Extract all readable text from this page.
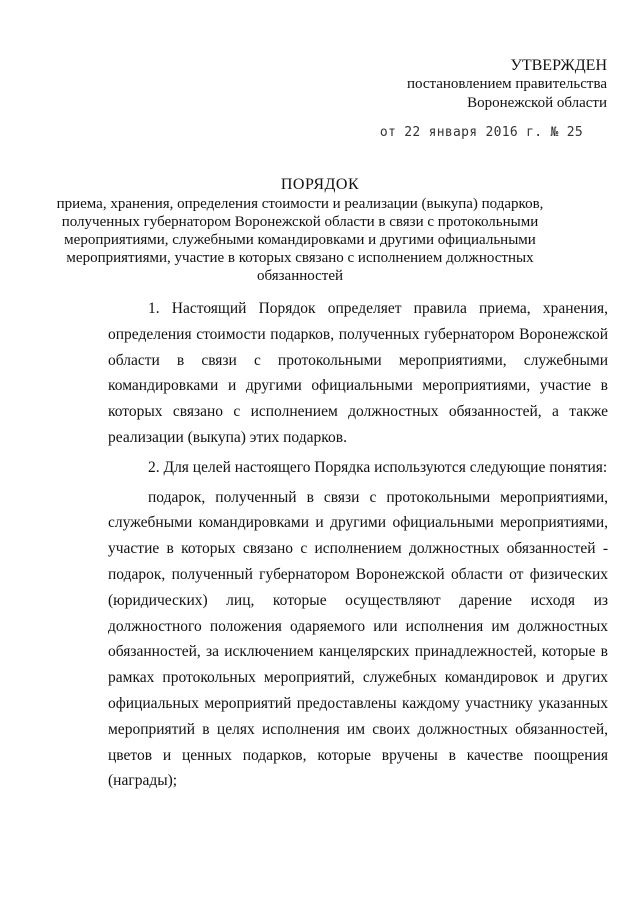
УТВЕРЖДЕН
постановлением правительства
Воронежской области
от 22 января 2016 г. № 25
ПОРЯДОК
приема, хранения, определения стоимости и реализации (выкупа) подарков, полученных губернатором Воронежской области в связи с протокольными мероприятиями, служебными командировками и другими официальными мероприятиями, участие в которых связано с исполнением должностных обязанностей

1. Настоящий Порядок определяет правила приема, хранения, определения стоимости подарков, полученных губернатором Воронежской области в связи с протокольными мероприятиями, служебными командировками и другими официальными мероприятиями, участие в которых связано с исполнением должностных обязанностей, а также реализации (выкупа) этих подарков.

2. Для целей настоящего Порядка используются следующие понятия:

подарок, полученный в связи с протокольными мероприятиями, служебными командировками и другими официальными мероприятиями, участие в которых связано с исполнением должностных обязанностей - подарок, полученный губернатором Воронежской области от физических (юридических) лиц, которые осуществляют дарение исходя из должностного положения одаряемого или исполнения им должностных обязанностей, за исключением канцелярских принадлежностей, которые в рамках протокольных мероприятий, служебных командировок и других официальных мероприятий предоставлены каждому участнику указанных мероприятий в целях исполнения им своих должностных обязанностей, цветов и ценных подарков, которые вручены в качестве поощрения (награды);
